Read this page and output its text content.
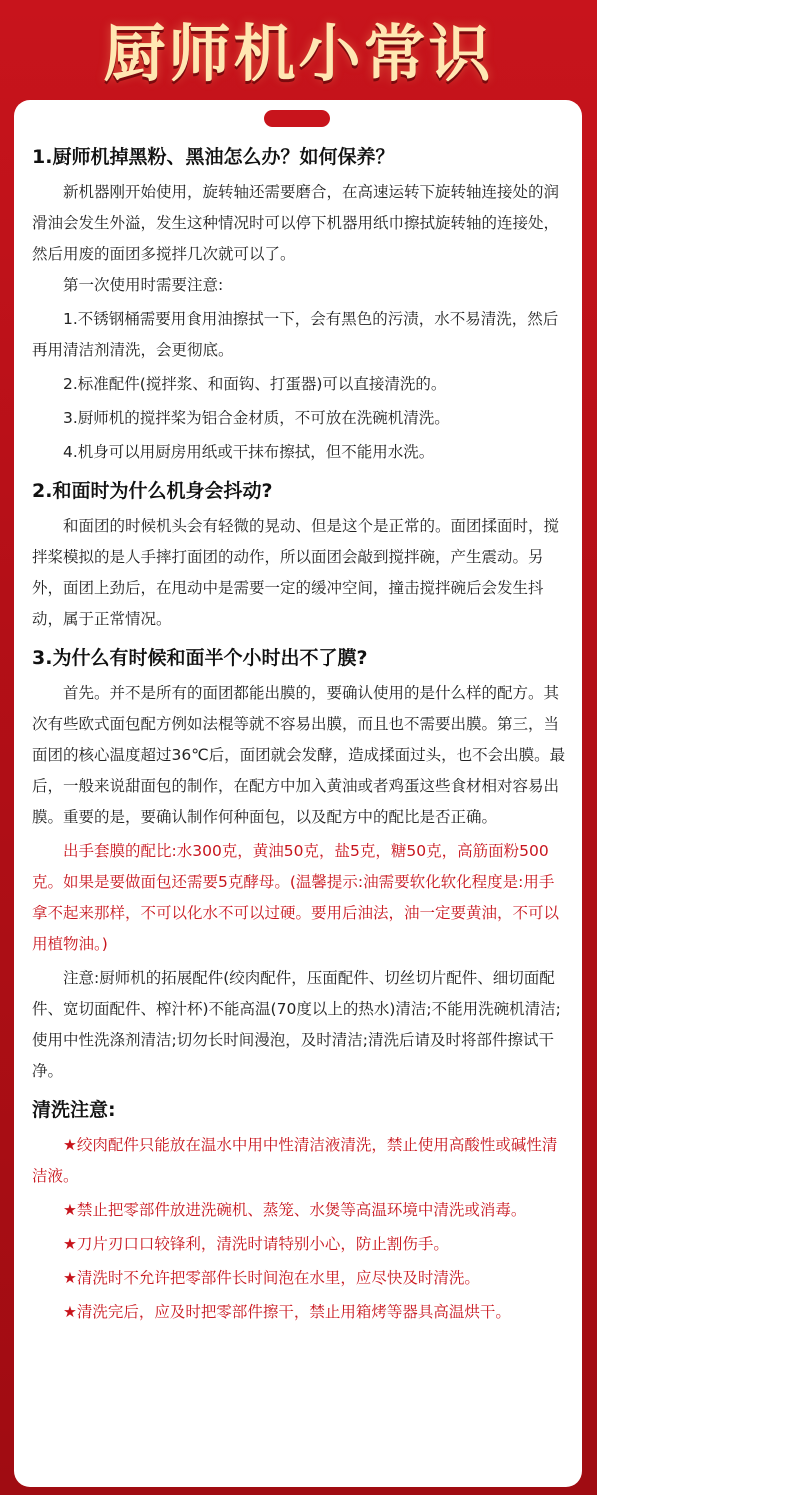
厨师机小常识
1.厨师机掉黑粉、黑油怎么办？如何保养？

新机器刚开始使用，旋转轴还需要磨合，在高速运转下旋转轴连接处的润滑油会发生外溢，发生这种情况时可以停下机器用纸巾擦拭旋转轴的连接处，然后用废的面团多搅拌几次就可以了。

第一次使用时需要注意:

1.不锈钢桶需要用食用油擦拭一下，会有黑色的污渍，水不易清洗，然后再用清洁剂清洗，会更彻底。

2.标准配件(搅拌浆、和面钩、打蛋器)可以直接清洗的。

3.厨师机的搅拌桨为铝合金材质，不可放在洗碗机清洗。

4.机身可以用厨房用纸或干抹布擦拭，但不能用水洗。

2.和面时为什么机身会抖动?

和面团的时候机头会有轻微的晃动、但是这个是正常的。面团揉面时，搅拌桨模拟的是人手摔打面团的动作，所以面团会敲到搅拌碗，产生震动。另外，面团上劲后，在甩动中是需要一定的缓冲空间，撞击搅拌碗后会发生抖动，属于正常情况。

3.为什么有时候和面半个小时出不了膜?

首先。并不是所有的面团都能出膜的，要确认使用的是什么样的配方。其次有些欧式面包配方例如法棍等就不容易出膜，而且也不需要出膜。第三，当面团的核心温度超过36℃后，面团就会发酵，造成揉面过头，也不会出膜。最后，一般来说甜面包的制作，在配方中加入黄油或者鸡蛋这些食材相对容易出膜。重要的是，要确认制作何种面包，以及配方中的配比是否正确。

出手套膜的配比:水300克，黄油50克，盐5克，糖50克，高筋面粉500克。如果是要做面包还需要5克酵母。(温馨提示:油需要软化软化程度是:用手拿不起来那样，不可以化水不可以过硬。要用后油法，油一定要黄油，不可以用植物油。)

注意:厨师机的拓展配件(绞肉配件，压面配件、切丝切片配件、细切面配件、宽切面配件、榨汁杯)不能高温(70度以上的热水)清洁;不能用洗碗机清洁;使用中性洗涤剂清洁;切勿长时间漫泡，及时清洁;清洗后请及时将部件擦试干净。

清洗注意:

★绞肉配件只能放在温水中用中性清洁液清洗，禁止使用高酸性或碱性清洁液。

★禁止把零部件放进洗碗机、蒸笼、水煲等高温环境中清洗或消毒。

★刀片刃口口较锋利，清洗时请特别小心，防止割伤手。

★清洗时不允许把零部件长时间泡在水里，应尽快及时清洗。

★清洗完后，应及时把零部件擦干，禁止用箱烤等器具高温烘干。
